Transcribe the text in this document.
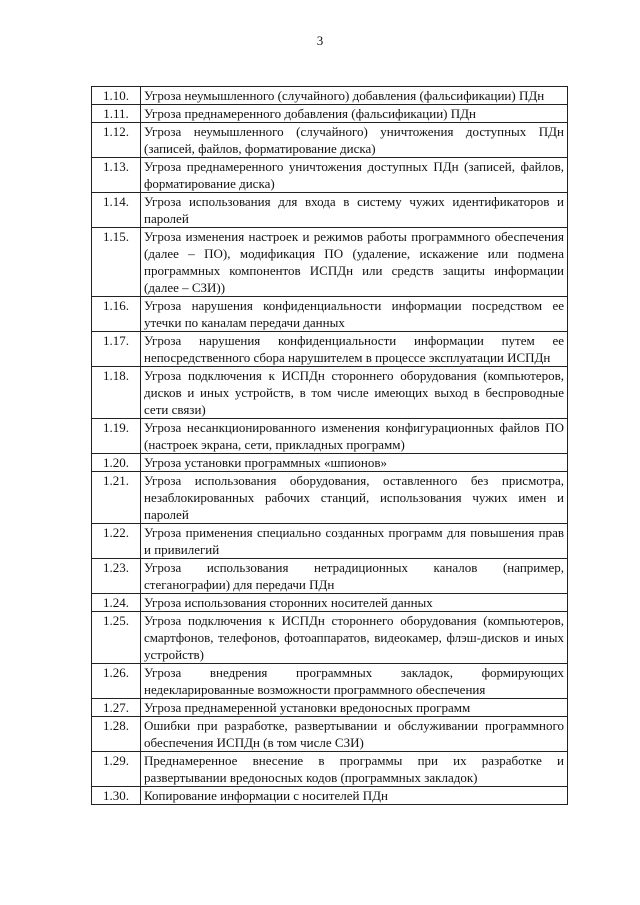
3
1.10.	Угроза неумышленного (случайного) добавления (фальсификации) ПДн
1.11.	Угроза преднамеренного добавления (фальсификации) ПДн
1.12.	Угроза неумышленного (случайного) уничтожения доступных ПДн (записей, файлов, форматирование диска)
1.13.	Угроза преднамеренного уничтожения доступных ПДн (записей, файлов, форматирование диска)
1.14.	Угроза использования для входа в систему чужих идентификаторов и паролей
1.15.	Угроза изменения настроек и режимов работы программного обеспечения (далее – ПО), модификация ПО (удаление, искажение или подмена программных компонентов ИСПДн или средств защиты информации (далее – СЗИ))
1.16.	Угроза нарушения конфиденциальности информации посредством ее утечки по каналам передачи данных
1.17.	Угроза нарушения конфиденциальности информации путем ее непосредственного сбора нарушителем в процессе эксплуатации ИСПДн
1.18.	Угроза подключения к ИСПДн стороннего оборудования (компьютеров, дисков и иных устройств, в том числе имеющих выход в беспроводные сети связи)
1.19.	Угроза несанкционированного изменения конфигурационных файлов ПО (настроек экрана, сети, прикладных программ)
1.20.	Угроза установки программных «шпионов»
1.21.	Угроза использования оборудования, оставленного без присмотра, незаблокированных рабочих станций, использования чужих имен и паролей
1.22.	Угроза применения специально созданных программ для повышения прав и привилегий
1.23.	Угроза использования нетрадиционных каналов (например, стеганографии) для передачи ПДн
1.24.	Угроза использования сторонних носителей данных
1.25.	Угроза подключения к ИСПДн стороннего оборудования (компьютеров, смартфонов, телефонов, фотоаппаратов, видеокамер, флэш-дисков и иных устройств)
1.26.	Угроза внедрения программных закладок, формирующих недекларированные возможности программного обеспечения
1.27.	Угроза преднамеренной установки вредоносных программ
1.28.	Ошибки при разработке, развертывании и обслуживании программного обеспечения ИСПДн (в том числе СЗИ)
1.29.	Преднамеренное внесение в программы при их разработке и развертывании вредоносных кодов (программных закладок)
1.30.	Копирование информации с носителей ПДн
